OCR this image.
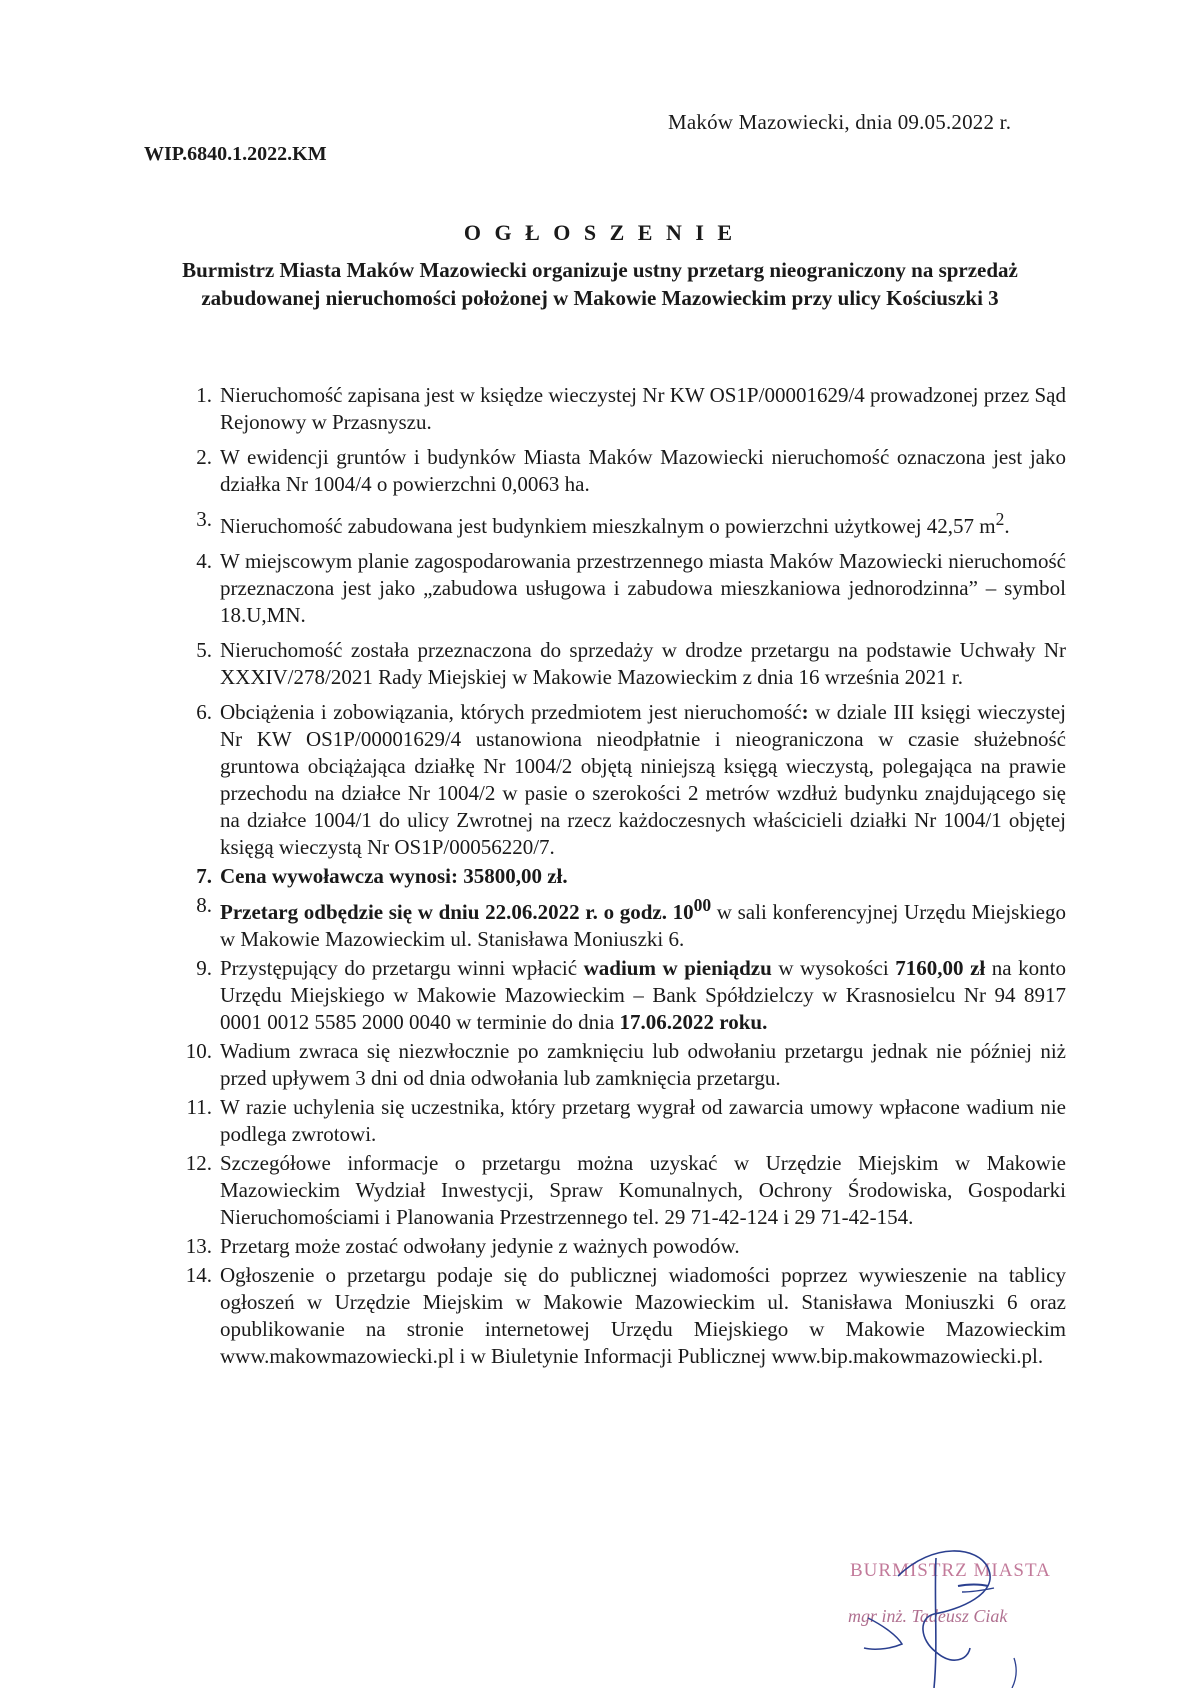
Maków Mazowiecki, dnia 09.05.2022 r.
WIP.6840.1.2022.KM
O G Ł O S Z E N I E
Burmistrz Miasta Maków Mazowiecki organizuje ustny przetarg nieograniczony na sprzedaż zabudowanej nieruchomości położonej w Makowie Mazowieckim przy ulicy Kościuszki 3
1. Nieruchomość zapisana jest w księdze wieczystej Nr KW OS1P/00001629/4 prowadzonej przez Sąd Rejonowy w Przasnyszu.
2. W ewidencji gruntów i budynków Miasta Maków Mazowiecki nieruchomość oznaczona jest jako działka Nr 1004/4 o powierzchni 0,0063 ha.
3. Nieruchomość zabudowana jest budynkiem mieszkalnym o powierzchni użytkowej 42,57 $m^2$.
4. W miejscowym planie zagospodarowania przestrzennego miasta Maków Mazowiecki nieruchomość przeznaczona jest jako „zabudowa usługowa i zabudowa mieszkaniowa jednorodzinna” – symbol 18.U,MN.
5. Nieruchomość została przeznaczona do sprzedaży w drodze przetargu na podstawie Uchwały Nr XXXIV/278/2021 Rady Miejskiej w Makowie Mazowieckim z dnia 16 września 2021 r.
6. Obciążenia i zobowiązania, których przedmiotem jest nieruchomość: w dziale III księgi wieczystej Nr KW OS1P/00001629/4 ustanowiona nieodpłatnie i nieograniczona w czasie służebność gruntowa obciążająca działkę Nr 1004/2 objętą niniejszą księgą wieczystą, polegająca na prawie przechodu na działce Nr 1004/2 w pasie o szerokości 2 metrów wzdłuż budynku znajdującego się na działce 1004/1 do ulicy Zwrotnej na rzecz każdoczesnych właścicieli działki Nr 1004/1 objętej księgą wieczystą Nr OS1P/00056220/7.
7. Cena wywoławcza wynosi: 35800,00 zł.
8. Przetarg odbędzie się w dniu 22.06.2022 r. o godz. $10^{00}$ w sali konferencyjnej Urzędu Miejskiego w Makowie Mazowieckim ul. Stanisława Moniuszki 6.
9. Przystępujący do przetargu winni wpłacić wadium w pieniądzu w wysokości 7160,00 zł na konto Urzędu Miejskiego w Makowie Mazowieckim – Bank Spółdzielczy w Krasnosielcu Nr 94 8917 0001 0012 5585 2000 0040 w terminie do dnia 17.06.2022 roku.
10. Wadium zwraca się niezwłocznie po zamknięciu lub odwołaniu przetargu jednak nie później niż przed upływem 3 dni od dnia odwołania lub zamknięcia przetargu.
11. W razie uchylenia się uczestnika, który przetarg wygrał od zawarcia umowy wpłacone wadium nie podlega zwrotowi.
12. Szczegółowe informacje o przetargu można uzyskać w Urzędzie Miejskim w Makowie Mazowieckim Wydział Inwestycji, Spraw Komunalnych, Ochrony Środowiska, Gospodarki Nieruchomościami i Planowania Przestrzennego tel. 29 71-42-124 i 29 71-42-154.
13. Przetarg może zostać odwołany jedynie z ważnych powodów.
14. Ogłoszenie o przetargu podaje się do publicznej wiadomości poprzez wywieszenie na tablicy ogłoszeń w Urzędzie Miejskim w Makowie Mazowieckim ul. Stanisława Moniuszki 6 oraz opublikowanie na stronie internetowej Urzędu Miejskiego w Makowie Mazowieckim www.makowmazowiecki.pl i w Biuletynie Informacji Publicznej www.bip.makowmazowiecki.pl.
BURMISTRZ MIASTA
mgr inż. Tadeusz Ciak
